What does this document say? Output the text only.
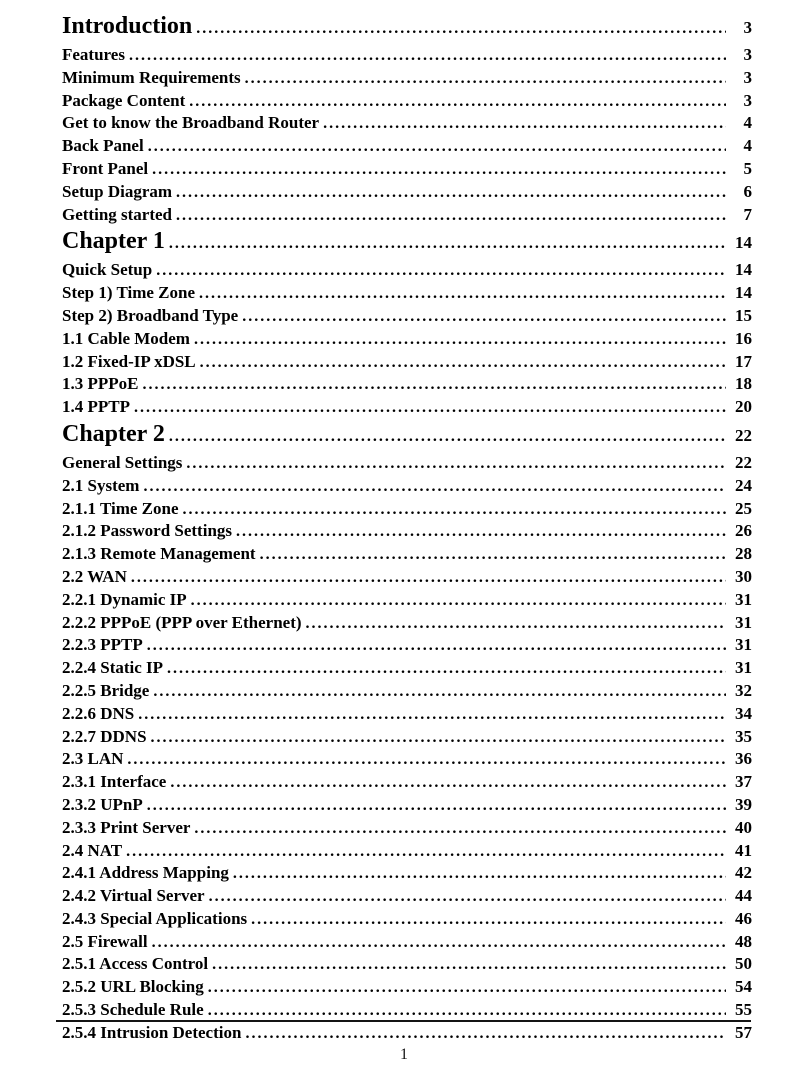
Introduction .....	3
Features .....	3
Minimum Requirements .....	3
Package Content .....	3
Get to know the Broadband Router .....	4
Back Panel .....	4
Front Panel .....	5
Setup Diagram .....	6
Getting started .....	7
Chapter 1 .....	14
Quick Setup .....	14
Step 1) Time Zone .....	14
Step 2) Broadband Type .....	15
1.1 Cable Modem .....	16
1.2 Fixed-IP xDSL .....	17
1.3 PPPoE .....	18
1.4 PPTP .....	20
Chapter 2 .....	22
General Settings .....	22
2.1 System .....	24
2.1.1 Time Zone .....	25
2.1.2 Password Settings .....	26
2.1.3 Remote Management .....	28
2.2 WAN .....	30
2.2.1 Dynamic IP .....	31
2.2.2 PPPoE (PPP over Ethernet) .....	31
2.2.3 PPTP .....	31
2.2.4 Static IP .....	31
2.2.5 Bridge .....	32
2.2.6 DNS .....	34
2.2.7 DDNS .....	35
2.3 LAN .....	36
2.3.1 Interface .....	37
2.3.2 UPnP .....	39
2.3.3 Print Server .....	40
2.4 NAT .....	41
2.4.1 Address Mapping .....	42
2.4.2 Virtual Server .....	44
2.4.3 Special Applications .....	46
2.5 Firewall .....	48
2.5.1 Access Control .....	50
2.5.2 URL Blocking .....	54
2.5.3 Schedule Rule .....	55
2.5.4 Intrusion Detection .....	57
1
